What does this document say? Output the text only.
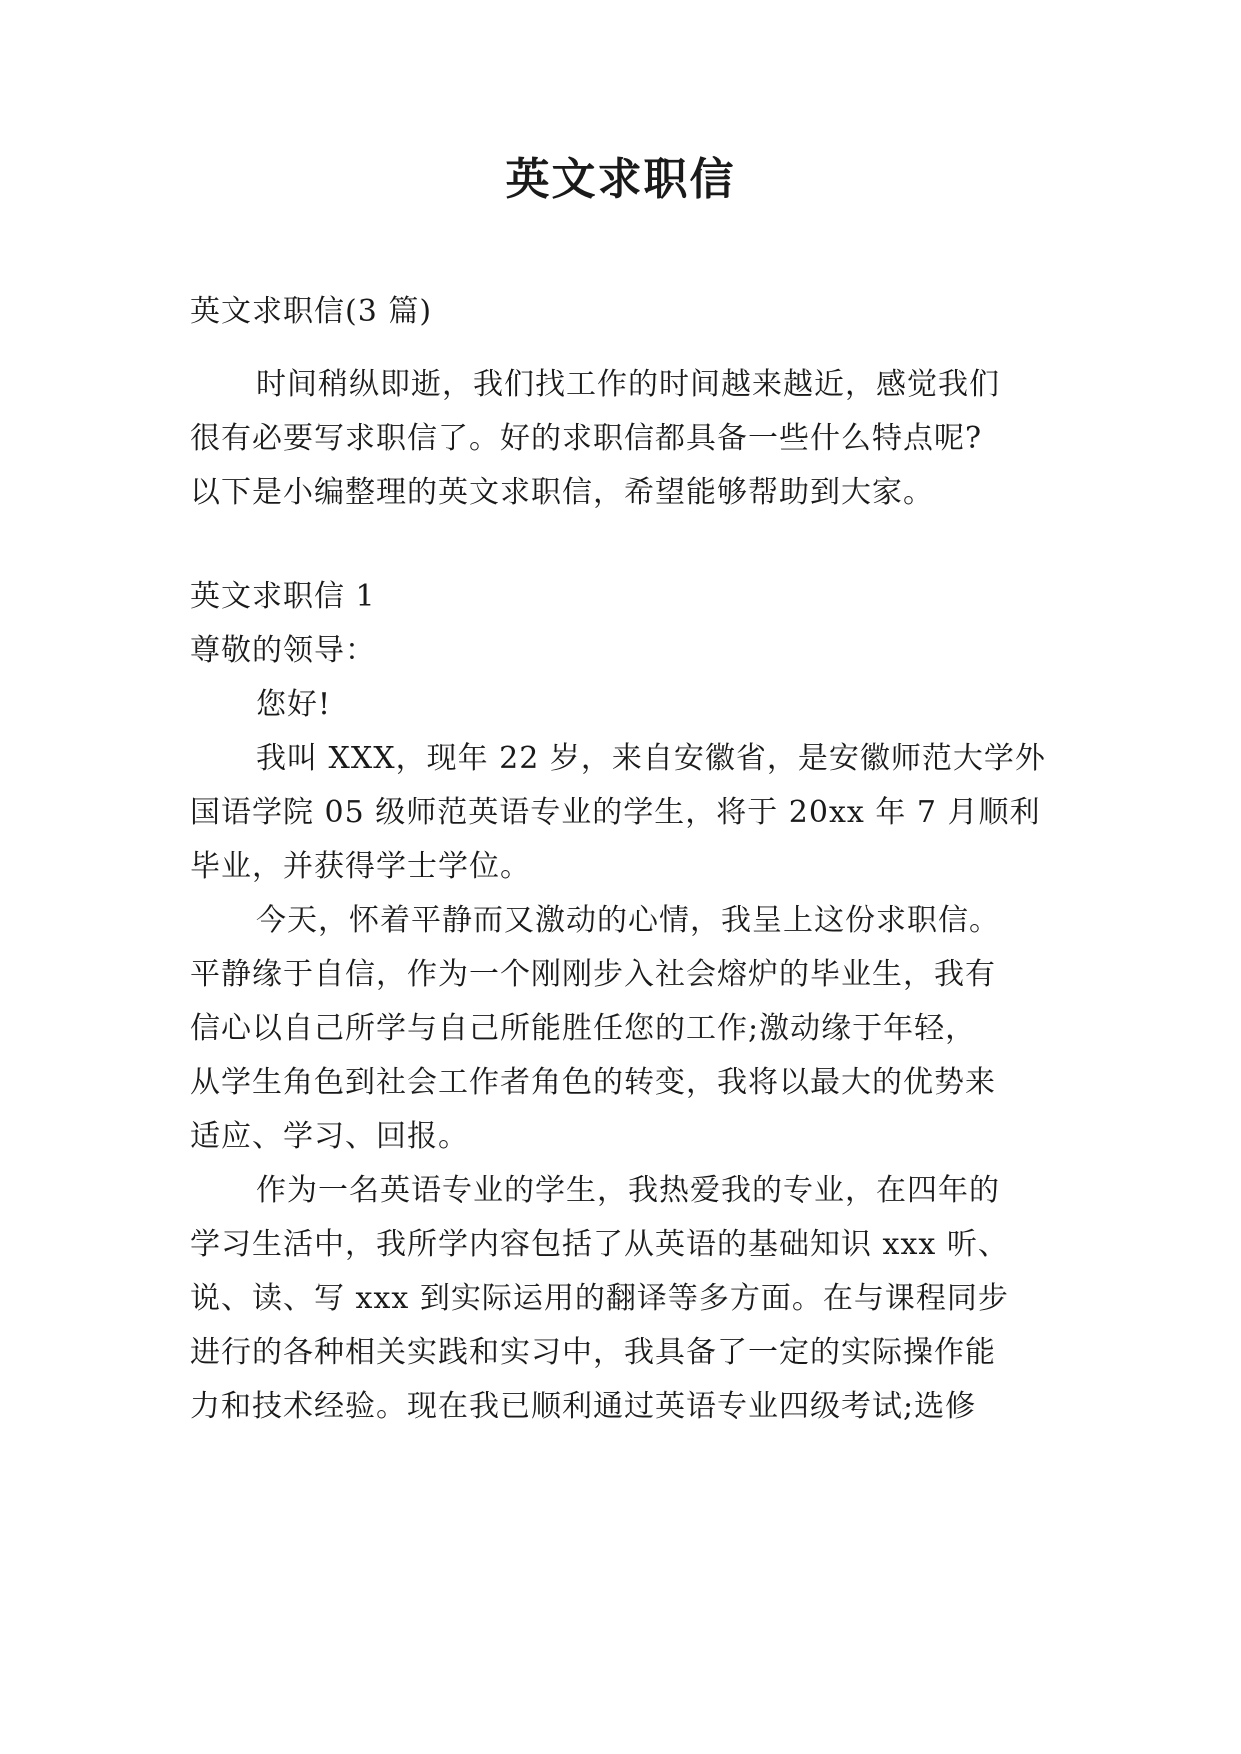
英文求职信
英文求职信(3 篇)
时间稍纵即逝，我们找工作的时间越来越近，感觉我们
很有必要写求职信了。好的求职信都具备一些什么特点呢?
以下是小编整理的英文求职信，希望能够帮助到大家。
英文求职信 1
尊敬的领导：
您好!
我叫 XXX，现年 22 岁，来自安徽省，是安徽师范大学外
国语学院 05 级师范英语专业的学生，将于 20xx 年 7 月顺利
毕业，并获得学士学位。
今天，怀着平静而又激动的心情，我呈上这份求职信。
平静缘于自信，作为一个刚刚步入社会熔炉的毕业生，我有
信心以自己所学与自己所能胜任您的工作;激动缘于年轻，
从学生角色到社会工作者角色的转变，我将以最大的优势来
适应、学习、回报。
作为一名英语专业的学生，我热爱我的专业，在四年的
学习生活中，我所学内容包括了从英语的基础知识 xxx 听、
说、读、写 xxx 到实际运用的翻译等多方面。在与课程同步
进行的各种相关实践和实习中，我具备了一定的实际操作能
力和技术经验。现在我已顺利通过英语专业四级考试;选修
